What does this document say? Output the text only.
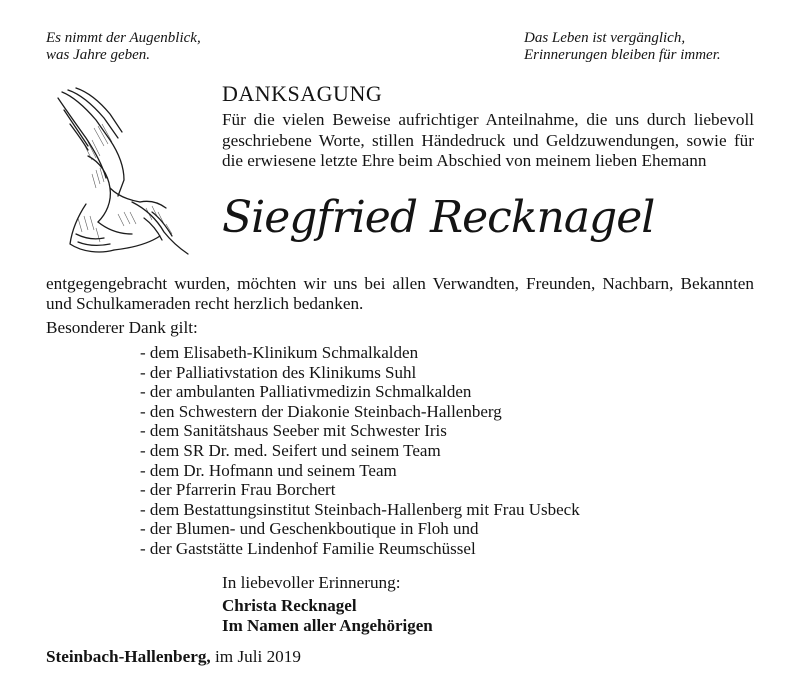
Es nimmt der Augenblick,
was Jahre geben.
Das Leben ist vergänglich,
Erinnerungen bleiben für immer.
DANKSAGUNG
Für die vielen Beweise aufrichtiger Anteilnahme, die uns durch liebevoll geschriebene Worte, stillen Händedruck und Geldzuwendungen, sowie für die erwiesene letzte Ehre beim Abschied von meinem lieben Ehemann
Siegfried Recknagel
entgegengebracht wurden, möchten wir uns bei allen Verwandten, Freunden, Nachbarn, Bekannten und Schulkameraden recht herzlich bedanken.
Besonderer Dank gilt:
- dem Elisabeth-Klinikum Schmalkalden
- der Palliativstation des Klinikums Suhl
- der ambulanten Palliativmedizin Schmalkalden
- den Schwestern der Diakonie Steinbach-Hallenberg
- dem Sanitätshaus Seeber mit Schwester Iris
- dem SR Dr. med. Seifert und seinem Team
- dem Dr. Hofmann und seinem Team
- der Pfarrerin Frau Borchert
- dem Bestattungsinstitut Steinbach-Hallenberg mit Frau Usbeck
- der Blumen- und Geschenkboutique in Floh und
- der Gaststätte Lindenhof Familie Reumschüssel
In liebevoller Erinnerung:
Christa Recknagel
Im Namen aller Angehörigen
Steinbach-Hallenberg, im Juli 2019
